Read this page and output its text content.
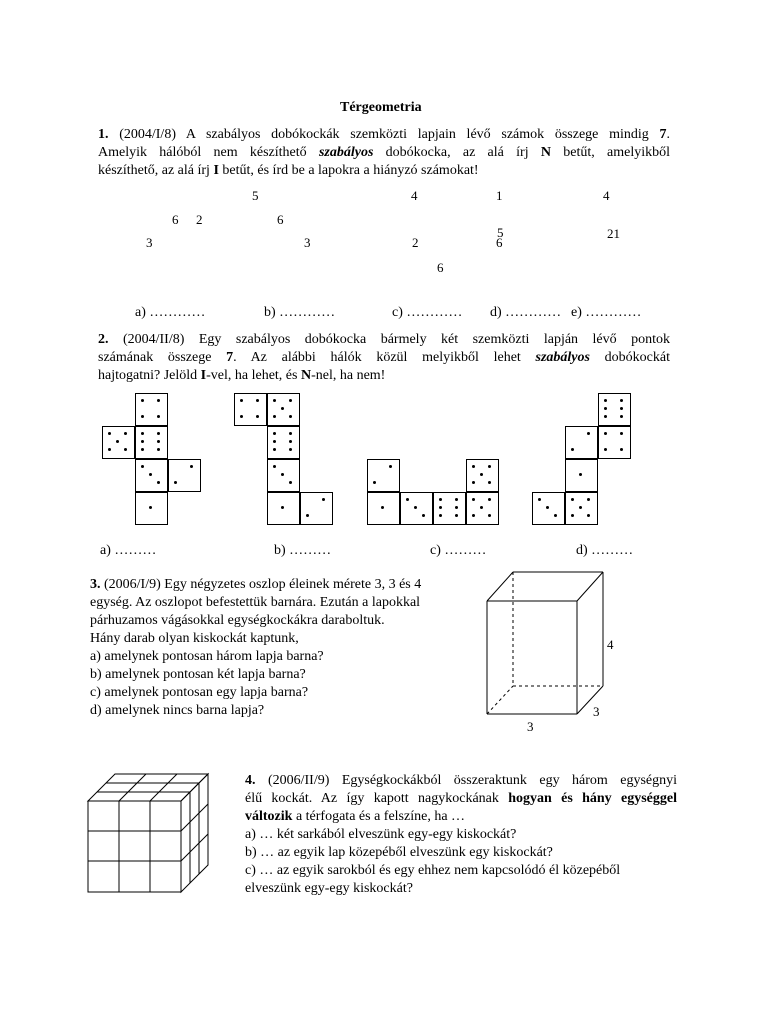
Térgeometria
1. (2004/I/8) A szabályos dobókockák szemközti lapjain lévő számok összege mindig 7.
Amelyik hálóból nem készíthető szabályos dobókocka, az alá írj N betűt, amelyikből
készíthető, az alá írj I betűt, és írd be a lapokra a hiányzó számokat!
5
6 2	6
3	3
4
2
1
5
6
6
4
21
a) …………	b) …………	c) ………… d) ………… e) …………
2. (2004/II/8) Egy szabályos dobókocka bármely két szemközti lapján lévő pontok
számának összege 7. Az alábbi hálók közül melyikből lehet szabályos dobókockát
hajtogatni? Jelöld I-vel, ha lehet, és N-nel, ha nem!
a) ………	b) ………	c) ………	d) ………
3. (2006/I/9) Egy négyzetes oszlop éleinek mérete 3, 3 és 4
egység. Az oszlopot befestettük barnára. Ezután a lapokkal
párhuzamos vágásokkal egységkockákra daraboltuk.
Hány darab olyan kiskockát kaptunk,
a) amelynek pontosan három lapja barna?
b) amelynek pontosan két lapja barna?
c) amelynek pontosan egy lapja barna?
d) amelynek nincs barna lapja?
4
3
3
4. (2006/II/9) Egységkockákból összeraktunk egy három egységnyi
élű kockát. Az így kapott nagykockának hogyan és hány egységgel
változik a térfogata és a felszíne, ha …
a) … két sarkából elveszünk egy-egy kiskockát?
b) … az egyik lap közepéből elveszünk egy kiskockát?
c) … az egyik sarokból és egy ehhez nem kapcsolódó él közepéből
elveszünk egy-egy kiskockát?
